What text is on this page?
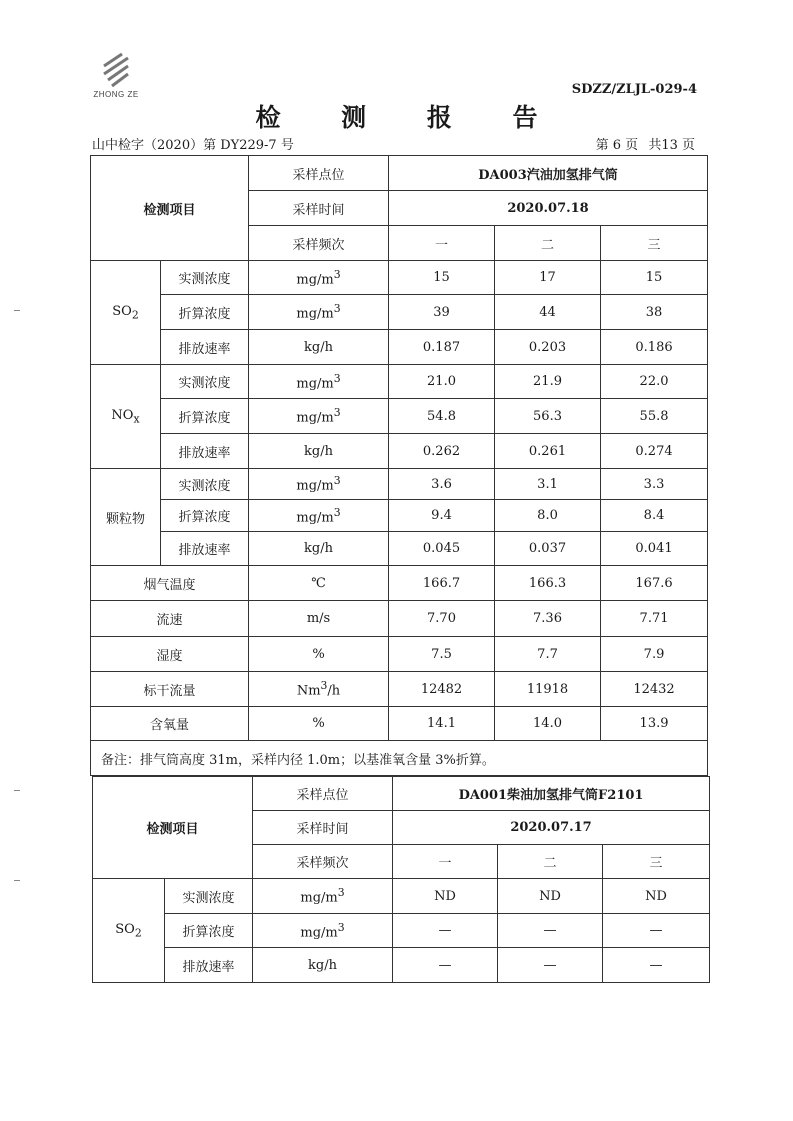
ZHONG ZE	SDZZ/ZLJL-029-4
检 测 报 告
山中检字（2020）第 DY229-7 号	第 6 页 共13 页
检测项目		采样点位	DA003汽油加氢排气筒		
		采样时间	2020.07.18		
		采样频次	一	二	三
$SO_2$	实测浓度	$mg/m^3$	15	17	15
	折算浓度	$mg/m^3$	39	44	38
	排放速率	kg/h	0.187	0.203	0.186
$NO_x$	实测浓度	$mg/m^3$	21.0	21.9	22.0
	折算浓度	$mg/m^3$	54.8	56.3	55.8
	排放速率	kg/h	0.262	0.261	0.274
颗粒物	实测浓度	$mg/m^3$	3.6	3.1	3.3
	折算浓度	$mg/m^3$	9.4	8.0	8.4
	排放速率	kg/h	0.045	0.037	0.041
烟气温度		℃	166.7	166.3	167.6
流速		m/s	7.70	7.36	7.71
湿度		%	7.5	7.7	7.9
标干流量		Nm$^3$/h	12482	11918	12432
含氧量		%	14.1	14.0	13.9
备注：排气筒高度 31m，采样内径 1.0m；以基准氧含量 3%折算。					
检测项目		采样点位	DA001柴油加氢排气筒F2101		
		采样时间	2020.07.17		
		采样频次	一	二	三
$SO_2$	实测浓度	$mg/m^3$	ND	ND	ND
	折算浓度	$mg/m^3$	—	—	—
	排放速率	kg/h	—	—	—
